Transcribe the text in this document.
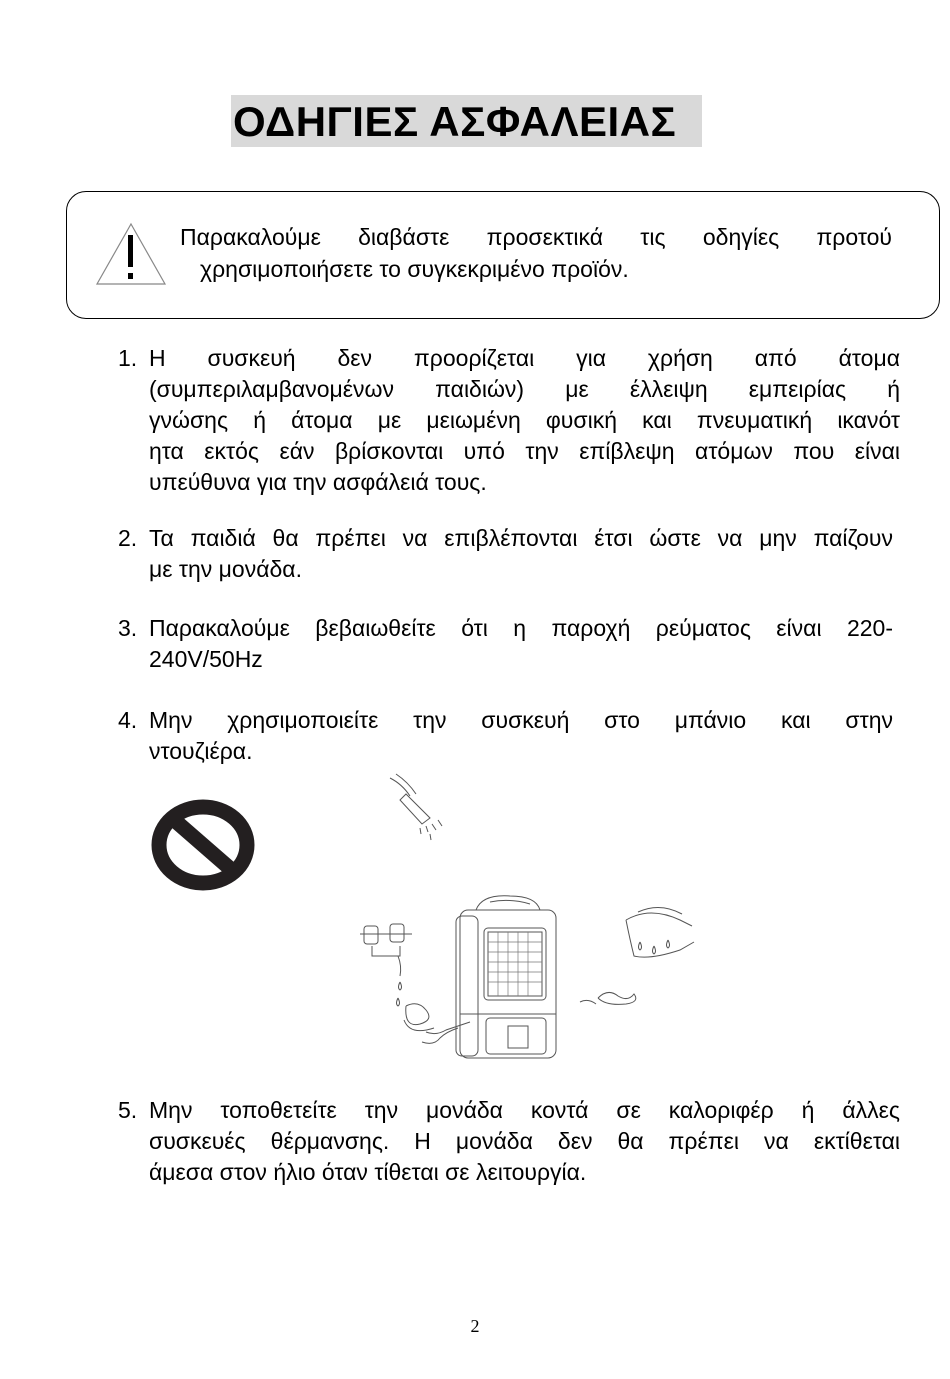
ΟΔΗΓΙΕΣ ΑΣΦΑΛΕΙΑΣ
Παρακαλούμε διαβάστε προσεκτικά τις οδηγίες προτού
χρησιμοποιήσετε το συγκεκριμένο προϊόν.
1. Η συσκευή δεν προορίζεται για χρήση από άτομα
(συμπεριλαμβανομένων παιδιών) με έλλειψη εμπειρίας ή
γνώσης ή άτομα με μειωμένη φυσική και πνευματική ικανότ
ητα εκτός εάν βρίσκονται υπό την επίβλεψη ατόμων που είναι
υπεύθυνα για την ασφάλειά τους.
2. Τα παιδιά θα πρέπει να επιβλέπονται έτσι ώστε να μην παίζουν
με την μονάδα.
3. Παρακαλούμε βεβαιωθείτε ότι η παροχή ρεύματος είναι 220-
240V/50Hz
4. Μην χρησιμοποιείτε την συσκευή στο μπάνιο και στην
ντουζιέρα.
5. Μην τοποθετείτε την μονάδα κοντά σε καλοριφέρ ή άλλες
συσκευές θέρμανσης. Η μονάδα δεν θα πρέπει να εκτίθεται
άμεσα στον ήλιο όταν τίθεται σε λειτουργία.
2
